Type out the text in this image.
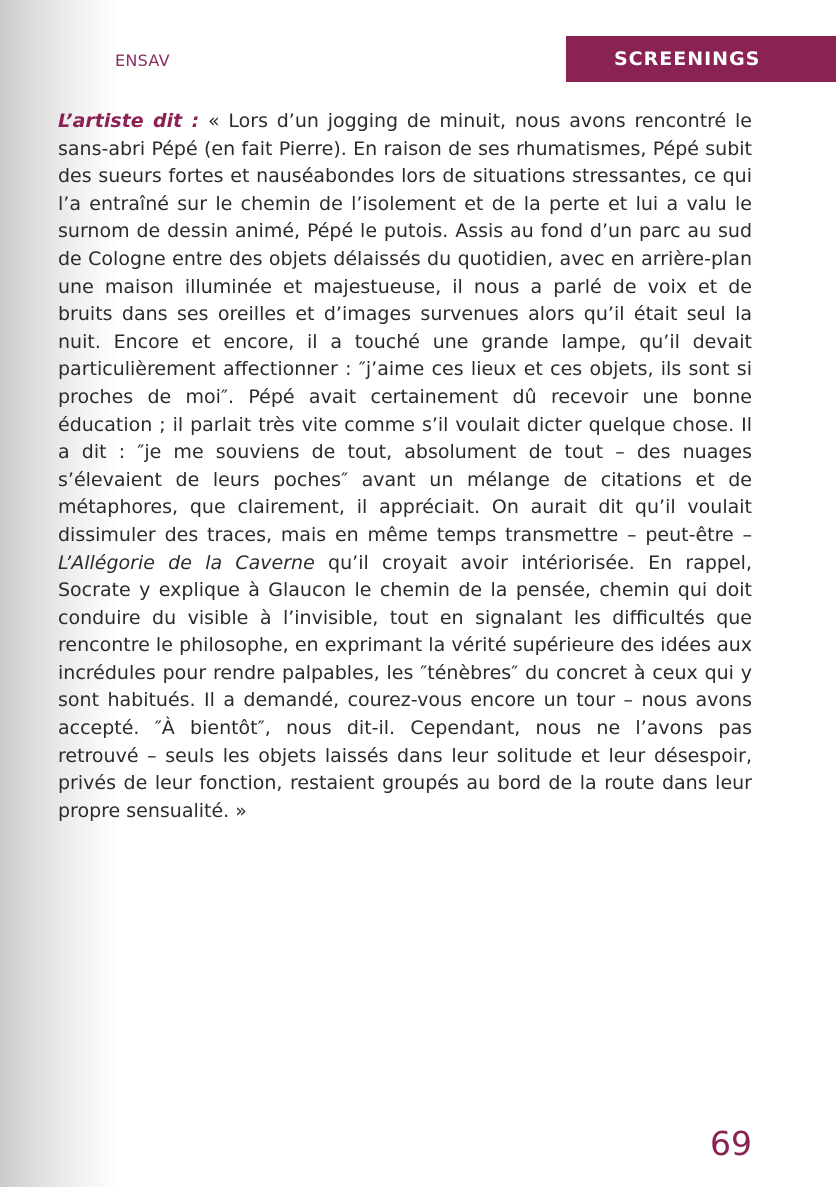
ENSAV	SCREENINGS

L’artiste dit : « Lors d’un jogging de minuit, nous avons rencontré le sans-abri Pépé (en fait Pierre). En raison de ses rhumatismes, Pépé subit des sueurs fortes et nauséabondes lors de situations stressantes, ce qui l’a entraîné sur le chemin de l’isolement et de la perte et lui a valu le surnom de dessin animé, Pépé le putois. Assis au fond d’un parc au sud de Cologne entre des objets délaissés du quotidien, avec en arrière-plan une maison illuminée et majestueuse, il nous a parlé de voix et de bruits dans ses oreilles et d’images survenues alors qu’il était seul la nuit. Encore et encore, il a touché une grande lampe, qu’il devait particulièrement affectionner : ″j’aime ces lieux et ces objets, ils sont si proches de moi″. Pépé avait certainement dû recevoir une bonne éducation ; il parlait très vite comme s’il voulait dicter quelque chose. Il a dit : ″je me souviens de tout, absolument de tout – des nuages s’élevaient de leurs poches″ avant un mélange de citations et de métaphores, que clairement, il appréciait. On aurait dit qu’il voulait dissimuler des traces, mais en même temps transmettre – peut-être – L’Allégorie de la Caverne qu’il croyait avoir intériorisée. En rappel, Socrate y explique à Glaucon le chemin de la pensée, chemin qui doit conduire du visible à l’invisible, tout en signalant les difficultés que rencontre le philosophe, en exprimant la vérité supérieure des idées aux incrédules pour rendre palpables, les ″ténèbres″ du concret à ceux qui y sont habitués. Il a demandé, courez-vous encore un tour – nous avons accepté. ″À bientôt″, nous dit-il. Cependant, nous ne l’avons pas retrouvé – seuls les objets laissés dans leur solitude et leur désespoir, privés de leur fonction, restaient groupés au bord de la route dans leur propre sensualité. »

69
